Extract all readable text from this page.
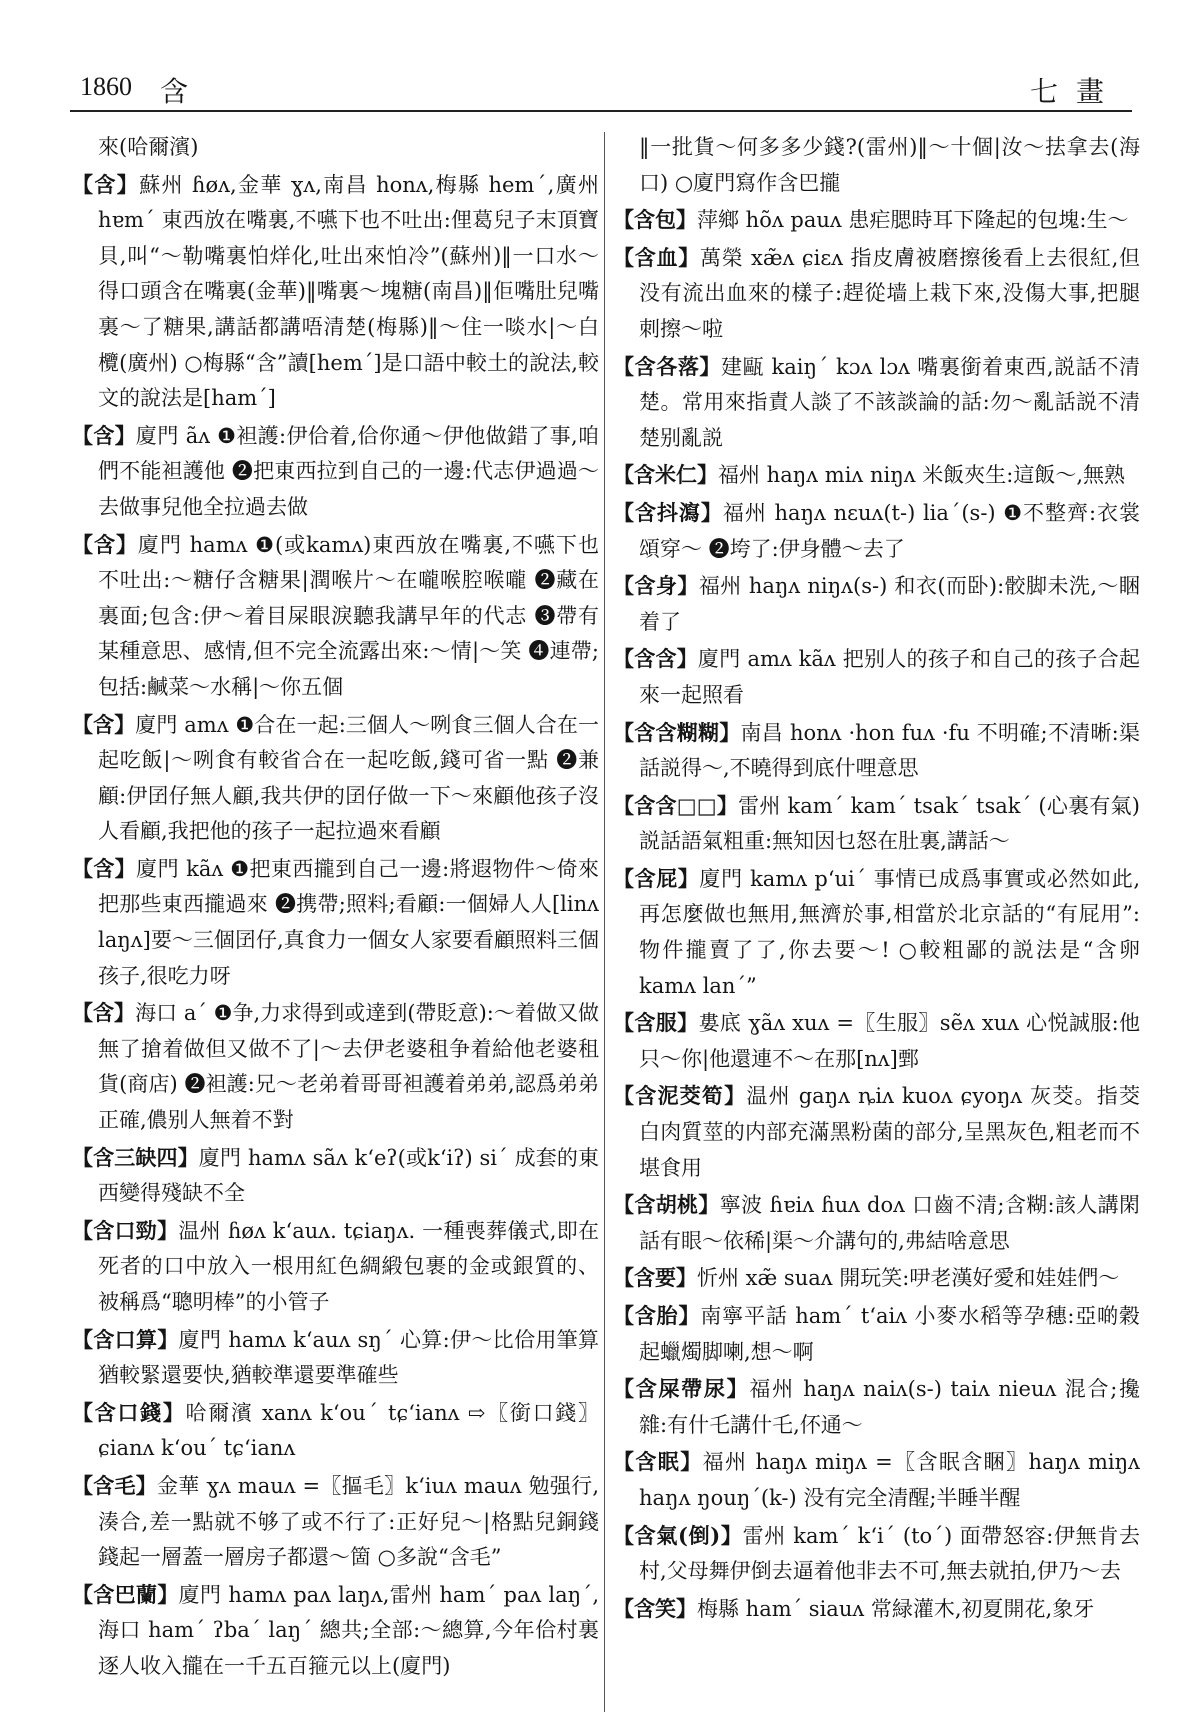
1860 含	七畫

來(哈爾濱)

【含】蘇州 ɦøʌ,金華 ɣʌ,南昌 honʌ,梅縣 hemˊ,廣州 hɐmˊ 東西放在嘴裏,不嚥下也不吐出:俚葛兒子末頂寶貝,叫“～勒嘴裏怕烊化,吐出來怕冷”(蘇州)‖一口水～得口頭含在嘴裏(金華)‖嘴裏～塊糖(南昌)‖佢嘴肚兒嘴裏～了糖果,講話都講唔清楚(梅縣)‖～住一啖水|～白欖(廣州) ○梅縣“含”讀[hemˊ]是口語中較土的說法,較文的說法是[hamˊ]

【含】廈門 ãʌ ❶袒護:伊佮着,佮你通～伊他做錯了事,咱們不能袒護他 ❷把東西拉到自己的一邊:代志伊過過～去做事兒他全拉過去做

【含】廈門 hamʌ ❶(或kamʌ)東西放在嘴裏,不嚥下也不吐出:～糖仔含糖果|潤喉片～在嚨喉腔喉嚨 ❷藏在裏面;包含:伊～着目屎眼淚聽我講早年的代志 ❸帶有某種意思、感情,但不完全流露出來:～情|～笑 ❹連帶;包括:鹹菜～水稱|～你五個

【含】廈門 amʌ ❶合在一起:三個人～咧食三個人合在一起吃飯|～咧食有較省合在一起吃飯,錢可省一點 ❷兼顧:伊囝仔無人顧,我共伊的囝仔做一下～來顧他孩子沒人看顧,我把他的孩子一起拉過來看顧

【含】廈門 kãʌ ❶把東西攏到自己一邊:將遐物件～倚來把那些東西攏過來 ❷携帶;照料;看顧:一個婦人人[linʌ laŋʌ]要～三個囝仔,真食力一個女人家要看顧照料三個孩子,很吃力呀

【含】海口 aˊ ❶争,力求得到或達到(帶貶意):～着做又做無了搶着做但又做不了|～去伊老婆租争着給他老婆租貨(商店) ❷袒護:兄～老弟着哥哥袒護着弟弟,認爲弟弟正確,儂别人無着不對

【含三缺四】廈門 hamʌ sãʌ kʻeʔ(或kʻiʔ) siˊ 成套的東西變得殘缺不全

【含口勁】温州 ɦøʌ kʻauʌ. tɕiaŋʌ. 一種喪葬儀式,即在死者的口中放入一根用紅色綢緞包裹的金或銀質的、被稱爲“聰明棒”的小管子

【含口算】廈門 hamʌ kʻauʌ sŋˊ 心算:伊～比佮用筆算猶較緊還要快,猶較準還要準確些

【含口錢】哈爾濱 xanʌ kʻouˊ tɕʻianʌ ⇨〖銜口錢〗ɕianʌ kʻouˊ tɕʻianʌ

【含毛】金華 ɣʌ mauʌ =〖摳毛〗kʻiuʌ mauʌ 勉强行,湊合,差一點就不够了或不行了:正好兒～|格點兒銅錢錢起一層蓋一層房子都還～箇 ○多說“含毛”

【含巴蘭】廈門 hamʌ paʌ laŋʌ,雷州 hamˊ paʌ laŋˊ,海口 hamˊ ʔbaˊ laŋˊ 總共;全部:～總算,今年佮村裏逐人收入攏在一千五百箍元以上(廈門)

‖一批貨～何多多少錢?(雷州)‖～十個|汝～抾拿去(海口) ○廈門寫作含巴攏

【含包】萍鄉 hõʌ pauʌ 患疟腮時耳下隆起的包塊:生～

【含血】萬榮 xæ̃ʌ ɕiɛʌ 指皮膚被磨擦後看上去很紅,但没有流出血來的樣子:趕從墙上栽下來,没傷大事,把腿刺擦～啦

【含各落】建甌 kaiŋˊ kɔʌ lɔʌ 嘴裏銜着東西,説話不清楚。常用來指責人談了不該談論的話:勿～亂話説不清楚别亂説

【含米仁】福州 haŋʌ miʌ niŋʌ 米飯夾生:這飯～,無熟

【含抖瀉】福州 haŋʌ nɛuʌ(t-) liaˊ(s-) ❶不整齊:衣裳頌穿～ ❷垮了:伊身體～去了

【含身】福州 haŋʌ niŋʌ(s-) 和衣(而卧):骹脚未洗,～睏着了

【含含】廈門 amʌ kãʌ 把别人的孩子和自己的孩子合起來一起照看

【含含糊糊】南昌 honʌ ·hon fuʌ ·fu 不明確;不清晰:渠話説得～,不曉得到底什哩意思

【含含□□】雷州 kamˊ kamˊ tsakˊ tsakˊ (心裏有氣)説話語氣粗重:無知因乜怒在肚裏,講話～

【含屁】廈門 kamʌ pʻuiˊ 事情已成爲事實或必然如此,再怎麼做也無用,無濟於事,相當於北京話的“有屁用”:物件攏賣了了,你去要～! ○較粗鄙的説法是“含卵 kamʌ lanˊ”

【含服】婁底 ɣãʌ xuʌ =〖生服〗sẽʌ xuʌ 心悦誠服:他只～你|他還連不～在那[nʌ]鄄

【含泥茭筍】温州 gaŋʌ ȵiʌ kuoʌ ɕyoŋʌ 灰茭。指茭白肉質莖的内部充滿黑粉菌的部分,呈黑灰色,粗老而不堪食用

【含胡桃】寧波 ɦɐiʌ ɦuʌ doʌ 口齒不清;含糊:該人講閑話有眼～依稀|渠～介講句的,弗結啥意思

【含要】忻州 xæ̃ suaʌ 開玩笑:吚老漢好愛和娃娃們～

【含胎】南寧平話 hamˊ tʻaiʌ 小麥水稻等孕穗:亞啲穀起蠟燭脚喇,想～啊

【含屎帶尿】福州 haŋʌ naiʌ(s-) taiʌ nieuʌ 混合;攙雜:有什乇講什乇,伓通～

【含眠】福州 haŋʌ miŋʌ =〖含眠含睏〗haŋʌ miŋʌ haŋʌ ŋouŋˊ(k-) 没有完全清醒;半睡半醒

【含氣(倒)】雷州 kamˊ kʻiˊ (toˊ) 面帶怒容:伊無肯去村,父母舞伊倒去逼着他非去不可,無去就拍,伊乃～去

【含笑】梅縣 hamˊ siauʌ 常緑灌木,初夏開花,象牙
